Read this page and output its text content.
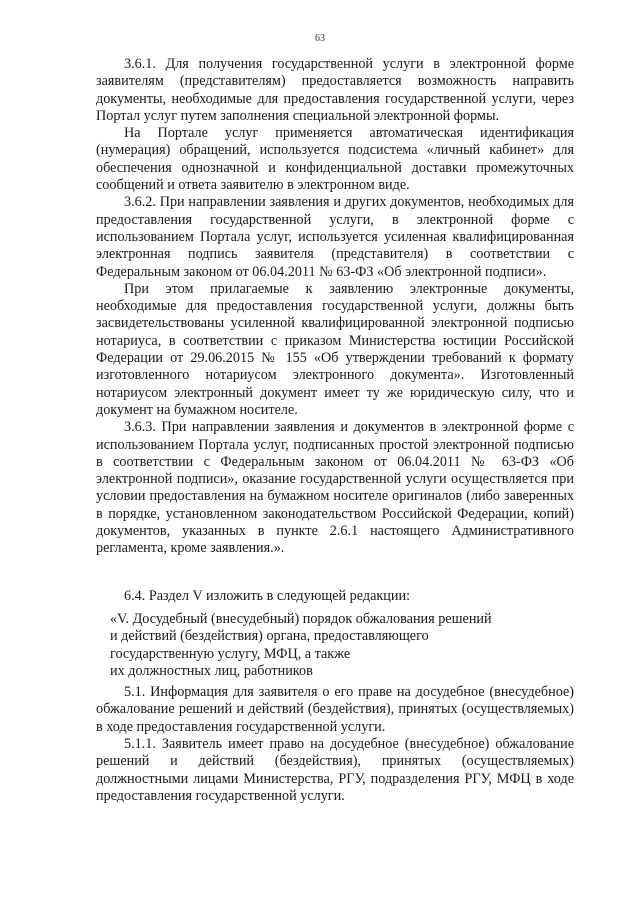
63

3.6.1. Для получения государственной услуги в электронной форме заявителям (представителям) предоставляется возможность направить документы, необходимые для предоставления государственной услуги, через Портал услуг путем заполнения специальной электронной формы.

На Портале услуг применяется автоматическая идентификация (нумерация) обращений, используется подсистема «личный кабинет» для обеспечения однозначной и конфиденциальной доставки промежуточных сообщений и ответа заявителю в электронном виде.

3.6.2. При направлении заявления и других документов, необходимых для предоставления государственной услуги, в электронной форме с использованием Портала услуг, используется усиленная квалифицированная электронная подпись заявителя (представителя) в соответствии с Федеральным законом от 06.04.2011 № 63-ФЗ «Об электронной подписи».

При этом прилагаемые к заявлению электронные документы, необходимые для предоставления государственной услуги, должны быть засвидетельствованы усиленной квалифицированной электронной подписью нотариуса, в соответствии с приказом Министерства юстиции Российской Федерации от 29.06.2015 № 155 «Об утверждении требований к формату изготовленного нотариусом электронного документа». Изготовленный нотариусом электронный документ имеет ту же юридическую силу, что и документ на бумажном носителе.

3.6.3. При направлении заявления и документов в электронной форме с использованием Портала услуг, подписанных простой электронной подписью в соответствии с Федеральным законом от 06.04.2011 № 63-ФЗ «Об электронной подписи», оказание государственной услуги осуществляется при условии предоставления на бумажном носителе оригиналов (либо заверенных в порядке, установленном законодательством Российской Федерации, копий) документов, указанных в пункте 2.6.1 настоящего Административного регламента, кроме заявления.».

6.4. Раздел V изложить в следующей редакции:

«V. Досудебный (внесудебный) порядок обжалования решений
и действий (бездействия) органа, предоставляющего
государственную услугу, МФЦ, а также
их должностных лиц, работников

5.1. Информация для заявителя о его праве на досудебное (внесудебное) обжалование решений и действий (бездействия), принятых (осуществляемых) в ходе предоставления государственной услуги.

5.1.1. Заявитель имеет право на досудебное (внесудебное) обжалование решений и действий (бездействия), принятых (осуществляемых) должностными лицами Министерства, РГУ, подразделения РГУ, МФЦ в ходе предоставления государственной услуги.
